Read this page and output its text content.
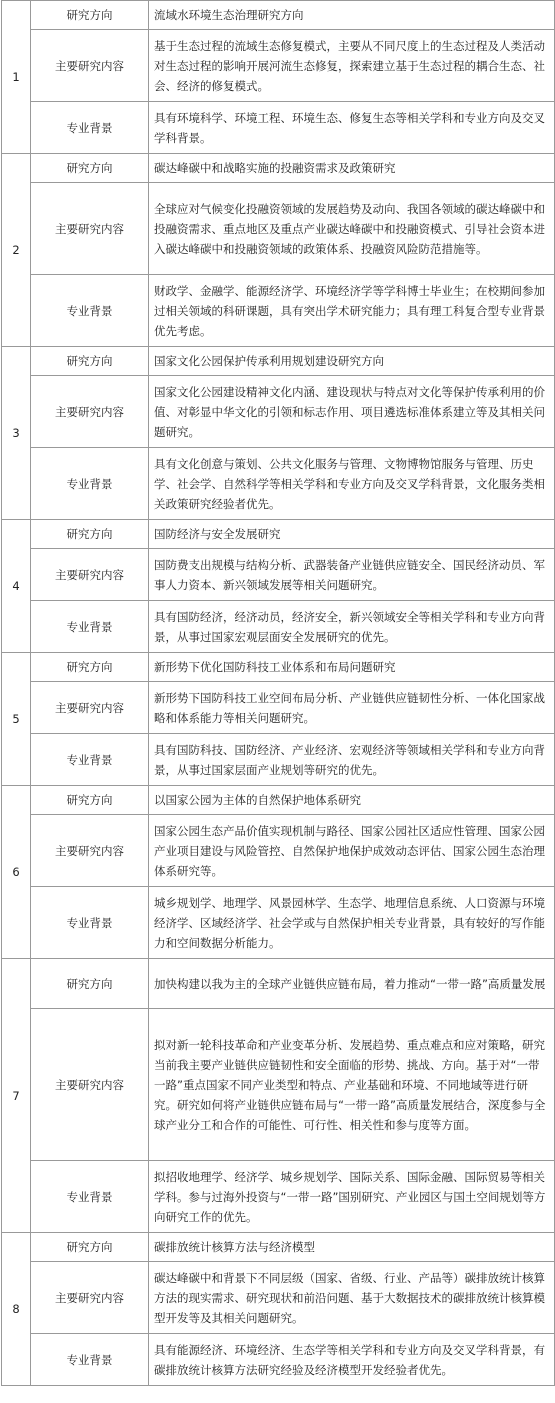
1	研究方向	流域水环境生态治理研究方向
	主要研究内容	基于生态过程的流域生态修复模式，主要从不同尺度上的生态过程及人类活动对生态过程的影响开展河流生态修复，探索建立基于生态过程的耦合生态、社会、经济的修复模式。
	专业背景	具有环境科学、环境工程、环境生态、修复生态等相关学科和专业方向及交叉学科背景。
2	研究方向	碳达峰碳中和战略实施的投融资需求及政策研究
	主要研究内容	全球应对气候变化投融资领域的发展趋势及动向、我国各领域的碳达峰碳中和投融资需求、重点地区及重点产业碳达峰碳中和投融资模式、引导社会资本进入碳达峰碳中和投融资领域的政策体系、投融资风险防范措施等。
	专业背景	财政学、金融学、能源经济学、环境经济学等学科博士毕业生；在校期间参加过相关领域的科研课题，具有突出学术研究能力；具有理工科复合型专业背景优先考虑。
3	研究方向	国家文化公园保护传承利用规划建设研究方向
	主要研究内容	国家文化公园建设精神文化内涵、建设现状与特点对文化等保护传承利用的价值、对彰显中华文化的引领和标志作用、项目遴选标准体系建立等及其相关问题研究。
	专业背景	具有文化创意与策划、公共文化服务与管理、文物博物馆服务与管理、历史学、社会学、自然科学等相关学科和专业方向及交叉学科背景，文化服务类相关政策研究经验者优先。
4	研究方向	国防经济与安全发展研究
	主要研究内容	国防费支出规模与结构分析、武器装备产业链供应链安全、国民经济动员、军事人力资本、新兴领域发展等相关问题研究。
	专业背景	具有国防经济，经济动员，经济安全，新兴领域安全等相关学科和专业方向背景，从事过国家宏观层面安全发展研究的优先。
5	研究方向	新形势下优化国防科技工业体系和布局问题研究
	主要研究内容	新形势下国防科技工业空间布局分析、产业链供应链韧性分析、一体化国家战略和体系能力等相关问题研究。
	专业背景	具有国防科技、国防经济、产业经济、宏观经济等领域相关学科和专业方向背景，从事过国家层面产业规划等研究的优先。
6	研究方向	以国家公园为主体的自然保护地体系研究
	主要研究内容	国家公园生态产品价值实现机制与路径、国家公园社区适应性管理、国家公园产业项目建设与风险管控、自然保护地保护成效动态评估、国家公园生态治理体系研究等。
	专业背景	城乡规划学、地理学、风景园林学、生态学、地理信息系统、人口资源与环境经济学、区域经济学、社会学或与自然保护相关专业背景，具有较好的写作能力和空间数据分析能力。
7	研究方向	加快构建以我为主的全球产业链供应链布局，着力推动“一带一路”高质量发展
	主要研究内容	拟对新一轮科技革命和产业变革分析、发展趋势、重点难点和应对策略，研究当前我主要产业链供应链韧性和安全面临的形势、挑战、方向。基于对“一带一路”重点国家不同产业类型和特点、产业基础和环境、不同地域等进行研究。研究如何将产业链供应链布局与“一带一路”高质量发展结合，深度参与全球产业分工和合作的可能性、可行性、相关性和参与度等方面。
	专业背景	拟招收地理学、经济学、城乡规划学、国际关系、国际金融、国际贸易等相关学科。参与过海外投资与“一带一路”国别研究、产业园区与国土空间规划等方向研究工作的优先。
8	研究方向	碳排放统计核算方法与经济模型
	主要研究内容	碳达峰碳中和背景下不同层级（国家、省级、行业、产品等）碳排放统计核算方法的现实需求、研究现状和前沿问题、基于大数据技术的碳排放统计核算模型开发等及其相关问题研究。
	专业背景	具有能源经济、环境经济、生态学等相关学科和专业方向及交叉学科背景，有碳排放统计核算方法研究经验及经济模型开发经验者优先。
